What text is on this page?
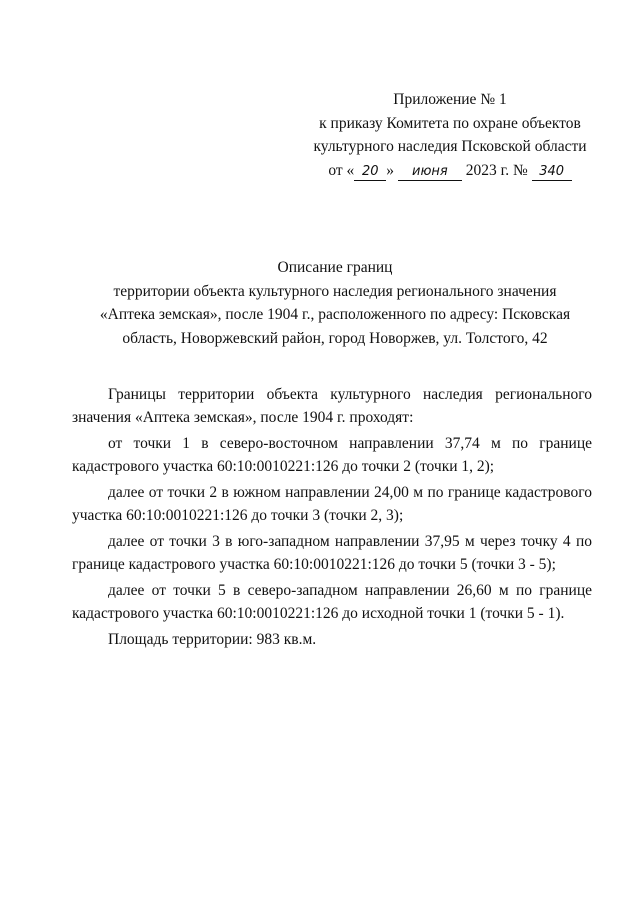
Приложение № 1
к приказу Комитета по охране объектов
культурного наследия Псковской области
от « 20 » июня 2023 г. № 340
Описание границ
территории объекта культурного наследия регионального значения
«Аптека земская», после 1904 г., расположенного по адресу: Псковская
область, Новоржевский район, город Новоржев, ул. Толстого, 42

Границы территории объекта культурного наследия регионального значения «Аптека земская», после 1904 г. проходят:

от точки 1 в северо-восточном направлении 37,74 м по границе кадастрового участка 60:10:0010221:126 до точки 2 (точки 1, 2);

далее от точки 2 в южном направлении 24,00 м по границе кадастрового участка 60:10:0010221:126 до точки 3 (точки 2, 3);

далее от точки 3 в юго-западном направлении 37,95 м через точку 4 по границе кадастрового участка 60:10:0010221:126 до точки 5 (точки 3 - 5);

далее от точки 5 в северо-западном направлении 26,60 м по границе кадастрового участка 60:10:0010221:126 до исходной точки 1 (точки 5 - 1).

Площадь территории: 983 кв.м.
